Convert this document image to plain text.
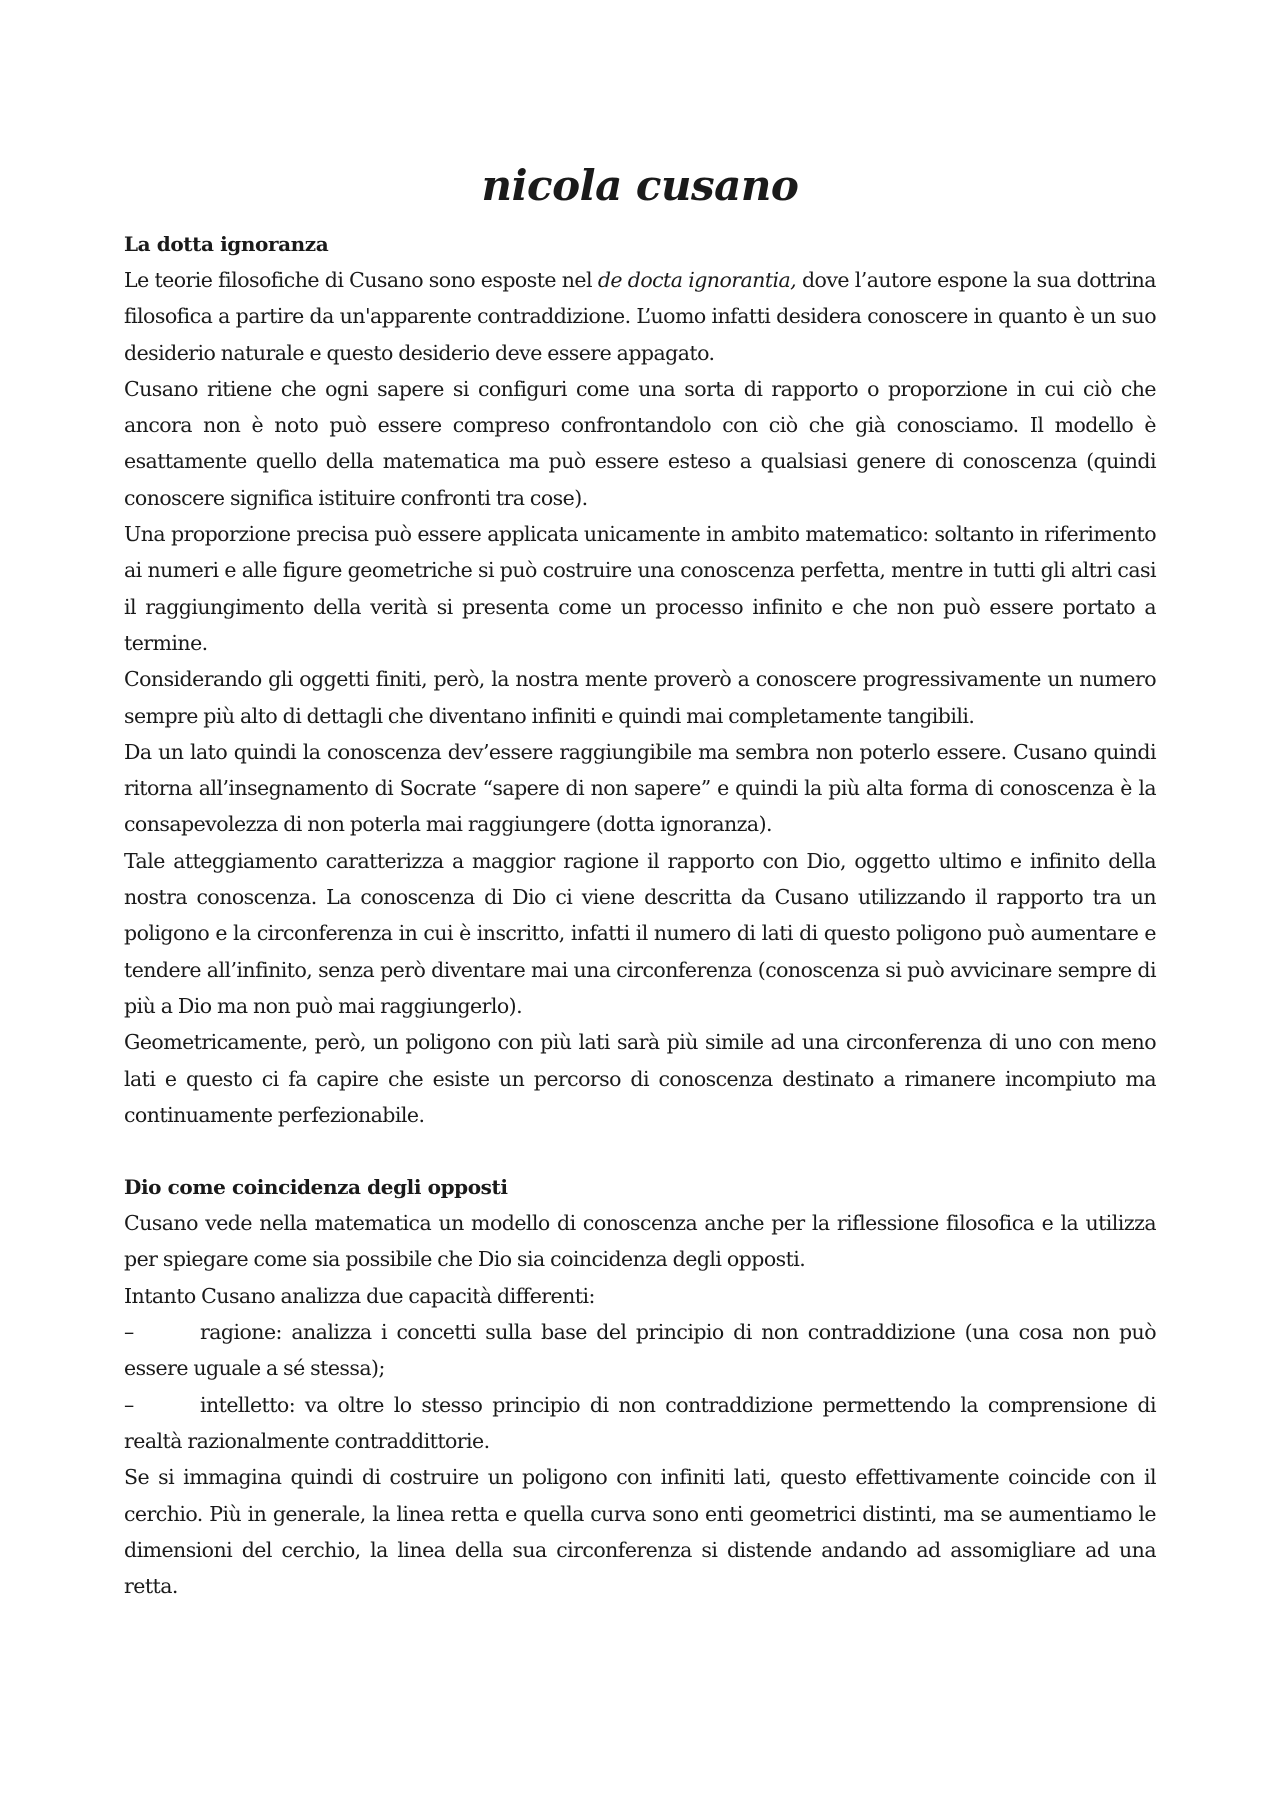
nicola cusano
La dotta ignoranza

Le teorie filosofiche di Cusano sono esposte nel de docta ignorantia, dove l’autore espone la sua dottrina filosofica a partire da un'apparente contraddizione. L’uomo infatti desidera conoscere in quanto è un suo desiderio naturale e questo desiderio deve essere appagato.

Cusano ritiene che ogni sapere si configuri come una sorta di rapporto o proporzione in cui ciò che ancora non è noto può essere compreso confrontandolo con ciò che già conosciamo. Il modello è esattamente quello della matematica ma può essere esteso a qualsiasi genere di conoscenza (quindi conoscere significa istituire confronti tra cose).

Una proporzione precisa può essere applicata unicamente in ambito matematico: soltanto in riferimento ai numeri e alle figure geometriche si può costruire una conoscenza perfetta, mentre in tutti gli altri casi il raggiungimento della verità si presenta come un processo infinito e che non può essere portato a termine.

Considerando gli oggetti finiti, però, la nostra mente proverò a conoscere progressivamente un numero sempre più alto di dettagli che diventano infiniti e quindi mai completamente tangibili.

Da un lato quindi la conoscenza dev’essere raggiungibile ma sembra non poterlo essere. Cusano quindi ritorna all’insegnamento di Socrate “sapere di non sapere” e quindi la più alta forma di conoscenza è la consapevolezza di non poterla mai raggiungere (dotta ignoranza).

Tale atteggiamento caratterizza a maggior ragione il rapporto con Dio, oggetto ultimo e infinito della nostra conoscenza. La conoscenza di Dio ci viene descritta da Cusano utilizzando il rapporto tra un poligono e la circonferenza in cui è inscritto, infatti il numero di lati di questo poligono può aumentare e tendere all’infinito, senza però diventare mai una circonferenza (conoscenza si può avvicinare sempre di più a Dio ma non può mai raggiungerlo).

Geometricamente, però, un poligono con più lati sarà più simile ad una circonferenza di uno con meno lati e questo ci fa capire che esiste un percorso di conoscenza destinato a rimanere incompiuto ma continuamente perfezionabile.

Dio come coincidenza degli opposti

Cusano vede nella matematica un modello di conoscenza anche per la riflessione filosofica e la utilizza per spiegare come sia possibile che Dio sia coincidenza degli opposti.

Intanto Cusano analizza due capacità differenti:

–	ragione: analizza i concetti sulla base del principio di non contraddizione (una cosa non può essere uguale a sé stessa);

–	intelletto: va oltre lo stesso principio di non contraddizione permettendo la comprensione di realtà razionalmente contraddittorie.

Se si immagina quindi di costruire un poligono con infiniti lati, questo effettivamente coincide con il cerchio. Più in generale, la linea retta e quella curva sono enti geometrici distinti, ma se aumentiamo le dimensioni del cerchio, la linea della sua circonferenza si distende andando ad assomigliare ad una retta.
